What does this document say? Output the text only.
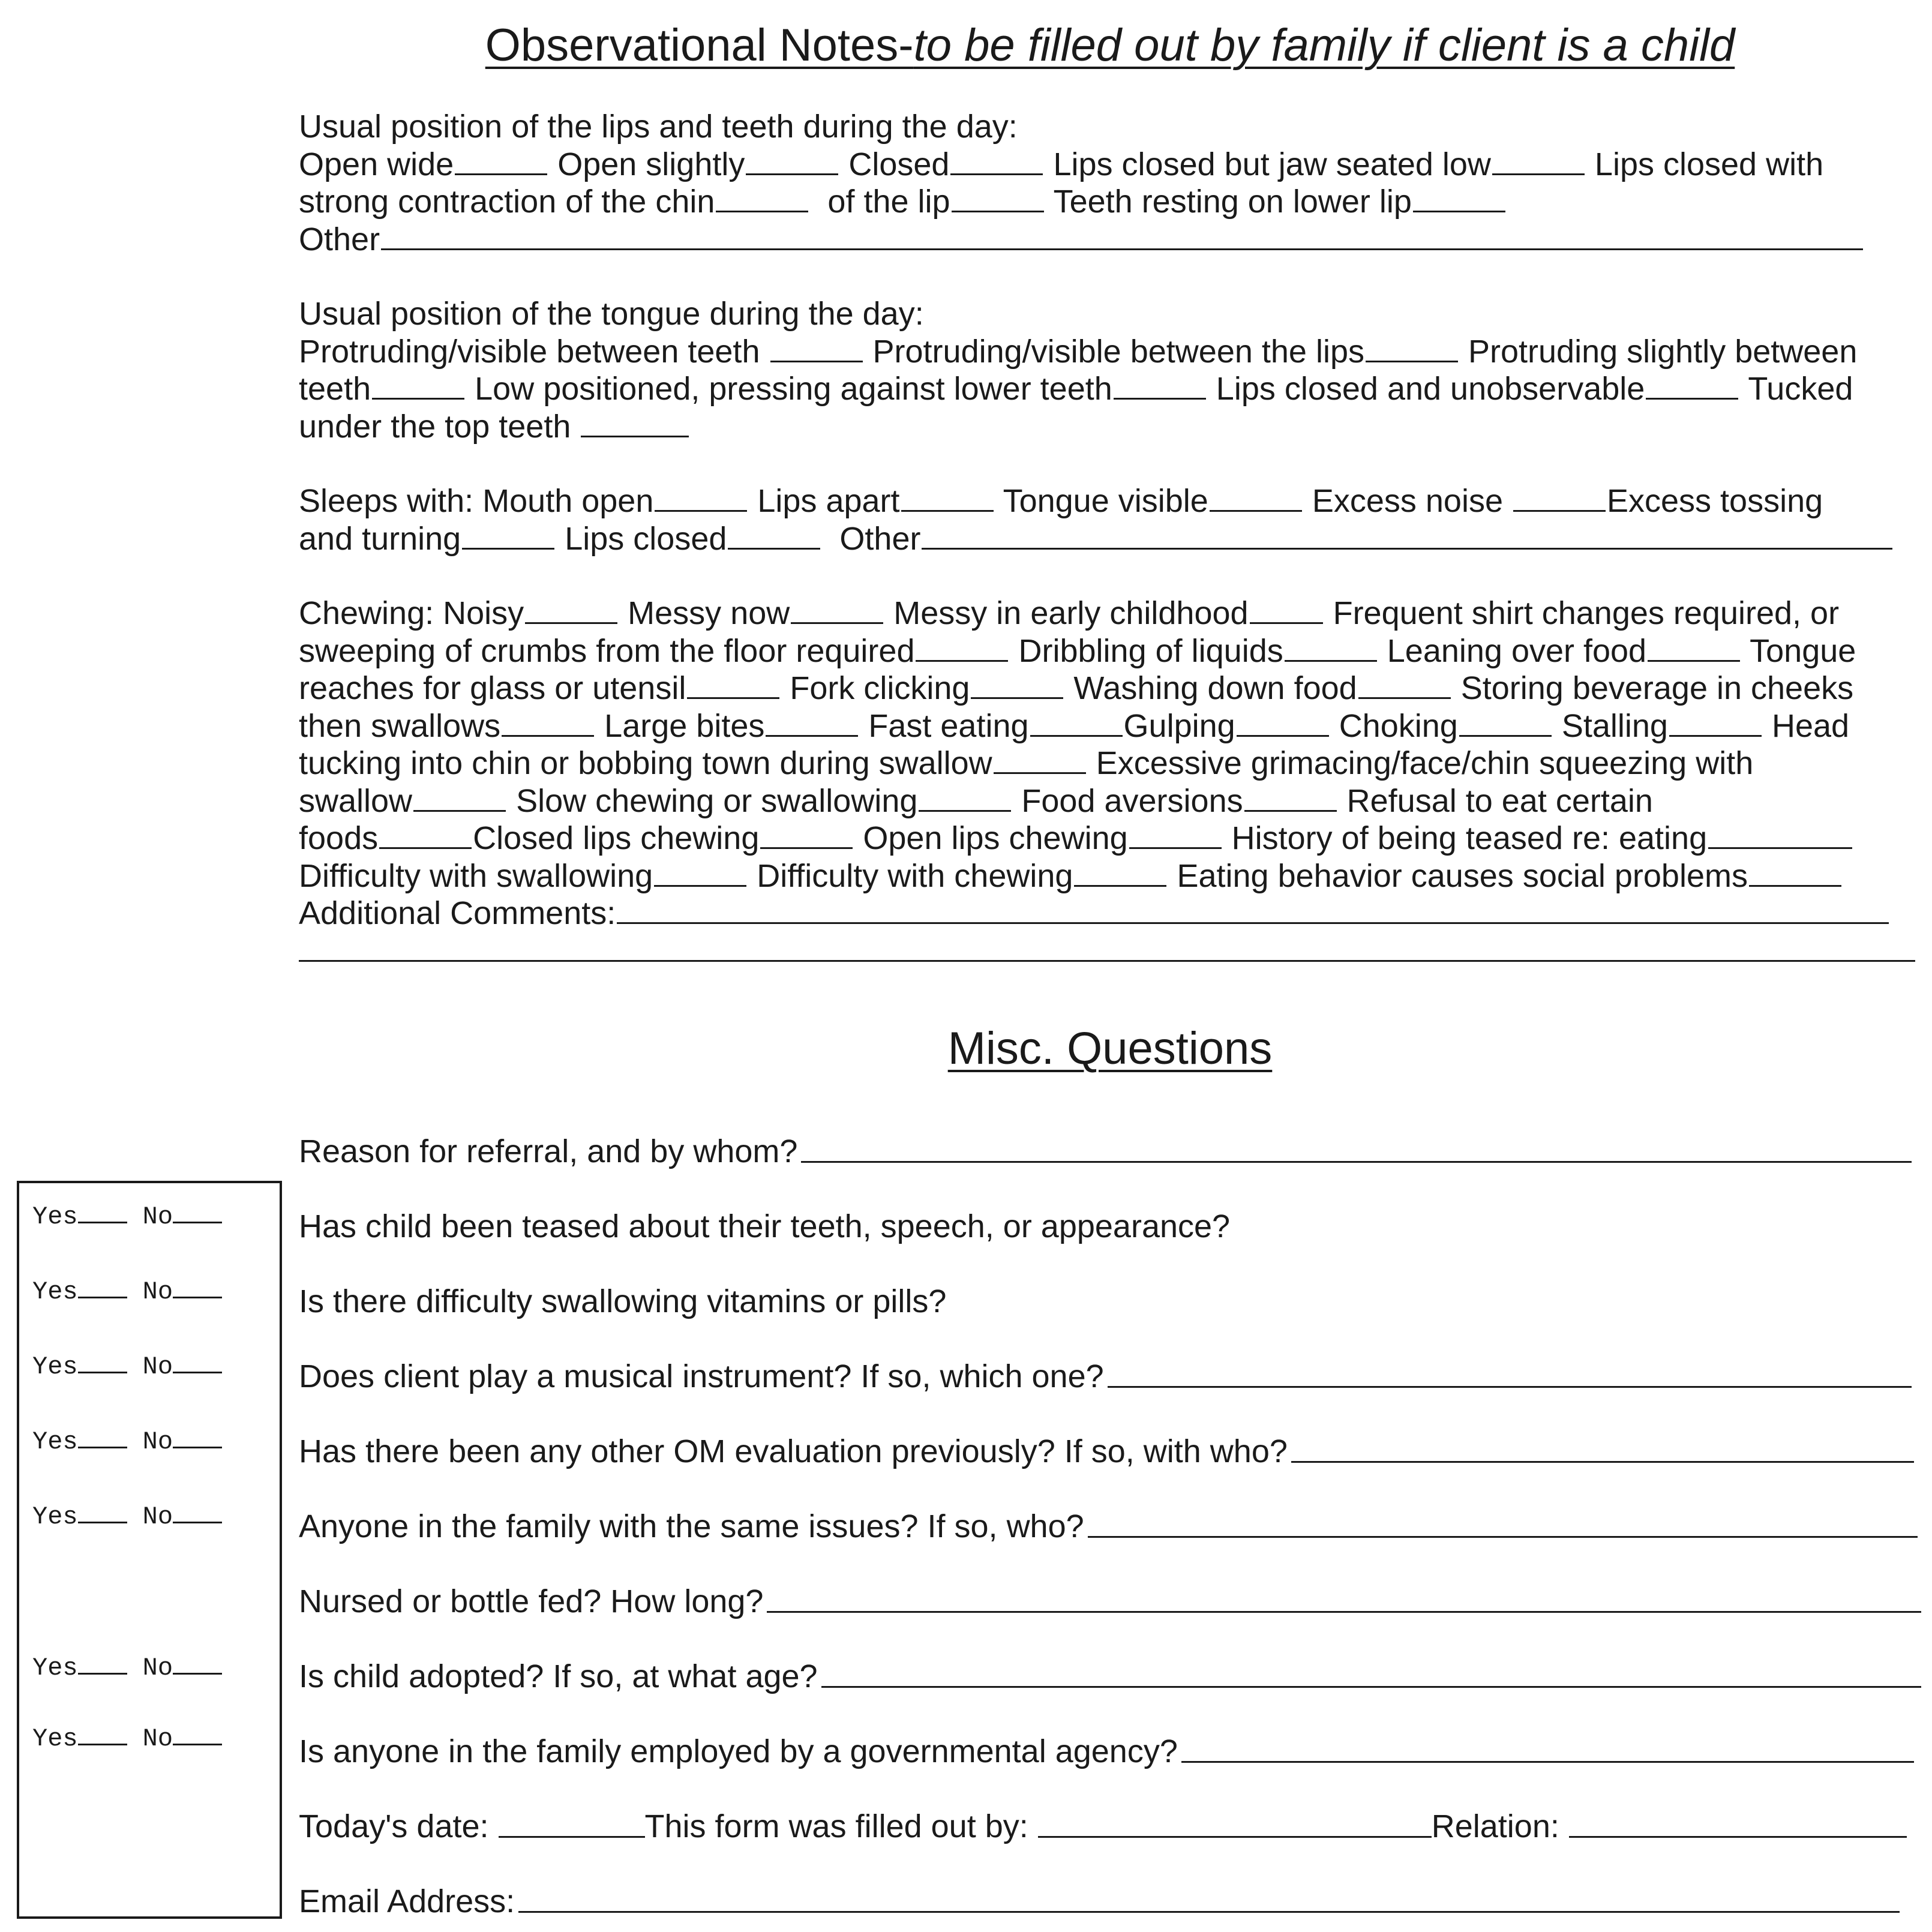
Observational Notes-to be filled out by family if client is a child
Usual position of the lips and teeth during the day:
Open wide	Open slightly	Closed	Lips closed but jaw seated low	Lips closed with
strong contraction of the chin	of the lip	Teeth resting on lower lip
Other
Usual position of the tongue during the day:
Protruding/visible between teeth	Protruding/visible between the lips	Protruding slightly between
teeth	Low positioned, pressing against lower teeth	Lips closed and unobservable	Tucked
under the top teeth
Sleeps with: Mouth open	Lips apart	Tongue visible	Excess noise	Excess tossing
and turning	Lips closed	Other
Chewing: Noisy	Messy now	Messy in early childhood	Frequent shirt changes required, or
sweeping of crumbs from the floor required	Dribbling of liquids	Leaning over food	Tongue
reaches for glass or utensil	Fork clicking	Washing down food	Storing beverage in cheeks
then swallows	Large bites	Fast eating	Gulping	Choking	Stalling	Head
tucking into chin or bobbing town during swallow	Excessive grimacing/face/chin squeezing with
swallow	Slow chewing or swallowing	Food aversions	Refusal to eat certain
foods	Closed lips chewing	Open lips chewing	History of being teased re: eating
Difficulty with swallowing	Difficulty with chewing	Eating behavior causes social problems
Additional Comments:
Misc. Questions
Yes	No
Yes	No
Yes	No
Yes	No
Yes	No
Yes	No
Yes	No
Reason for referral, and by whom?
Has child been teased about their teeth, speech, or appearance?
Is there difficulty swallowing vitamins or pills?
Does client play a musical instrument? If so, which one?
Has there been any other OM evaluation previously? If so, with who?
Anyone in the family with the same issues? If so, who?
Nursed or bottle fed? How long?
Is child adopted? If so, at what age?
Is anyone in the family employed by a governmental agency?
Today's date:	This form was filled out by:	Relation:
Email Address:
